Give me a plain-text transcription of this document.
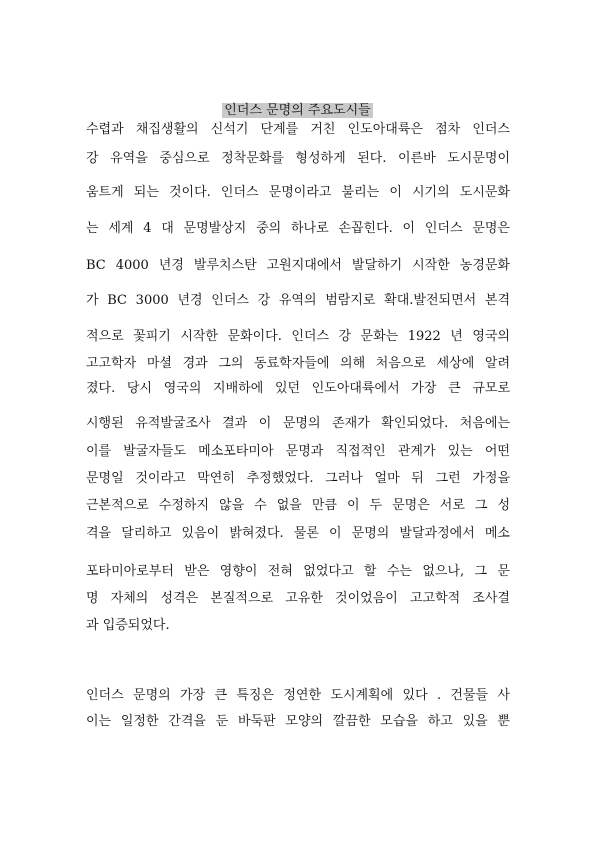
인더스 문명의 주요도시들
수렵과 채집생활의 신석기 단계를 거친 인도아대륙은 점차 인더스
강 유역을 중심으로 정착문화를 형성하게 된다. 이른바 도시문명이
움트게 되는 것이다. 인더스 문명이라고 불리는 이 시기의 도시문화
는 세계 4 대 문명발상지 중의 하나로 손꼽힌다. 이 인더스 문명은
BC 4000 년경 발루치스탄 고원지대에서 발달하기 시작한 농경문화
가 BC 3000 년경 인더스 강 유역의 범람지로 확대.발전되면서 본격
적으로 꽃피기 시작한 문화이다. 인더스 강 문화는 1922 년 영국의
고고학자 마셜 경과 그의 동료학자들에 의해 처음으로 세상에 알려
졌다. 당시 영국의 지배하에 있던 인도아대륙에서 가장 큰 규모로
시행된 유적발굴조사 결과 이 문명의 존재가 확인되었다. 처음에는
이를 발굴자들도 메소포타미아 문명과 직접적인 관계가 있는 어떤
문명일 것이라고 막연히 추정했었다. 그러나 얼마 뒤 그런 가정을
근본적으로 수정하지 않을 수 없을 만큼 이 두 문명은 서로 그 성
격을 달리하고 있음이 밝혀졌다. 물론 이 문명의 발달과정에서 메소
포타미아로부터 받은 영향이 전혀 없었다고 할 수는 없으나, 그 문
명 자체의 성격은 본질적으로 고유한 것이었음이 고고학적 조사결
과 입증되었다.
인더스 문명의 가장 큰 특징은 정연한 도시계획에 있다 . 건물들 사
이는 일정한 간격을 둔 바둑판 모양의 깔끔한 모습을 하고 있을 뿐
